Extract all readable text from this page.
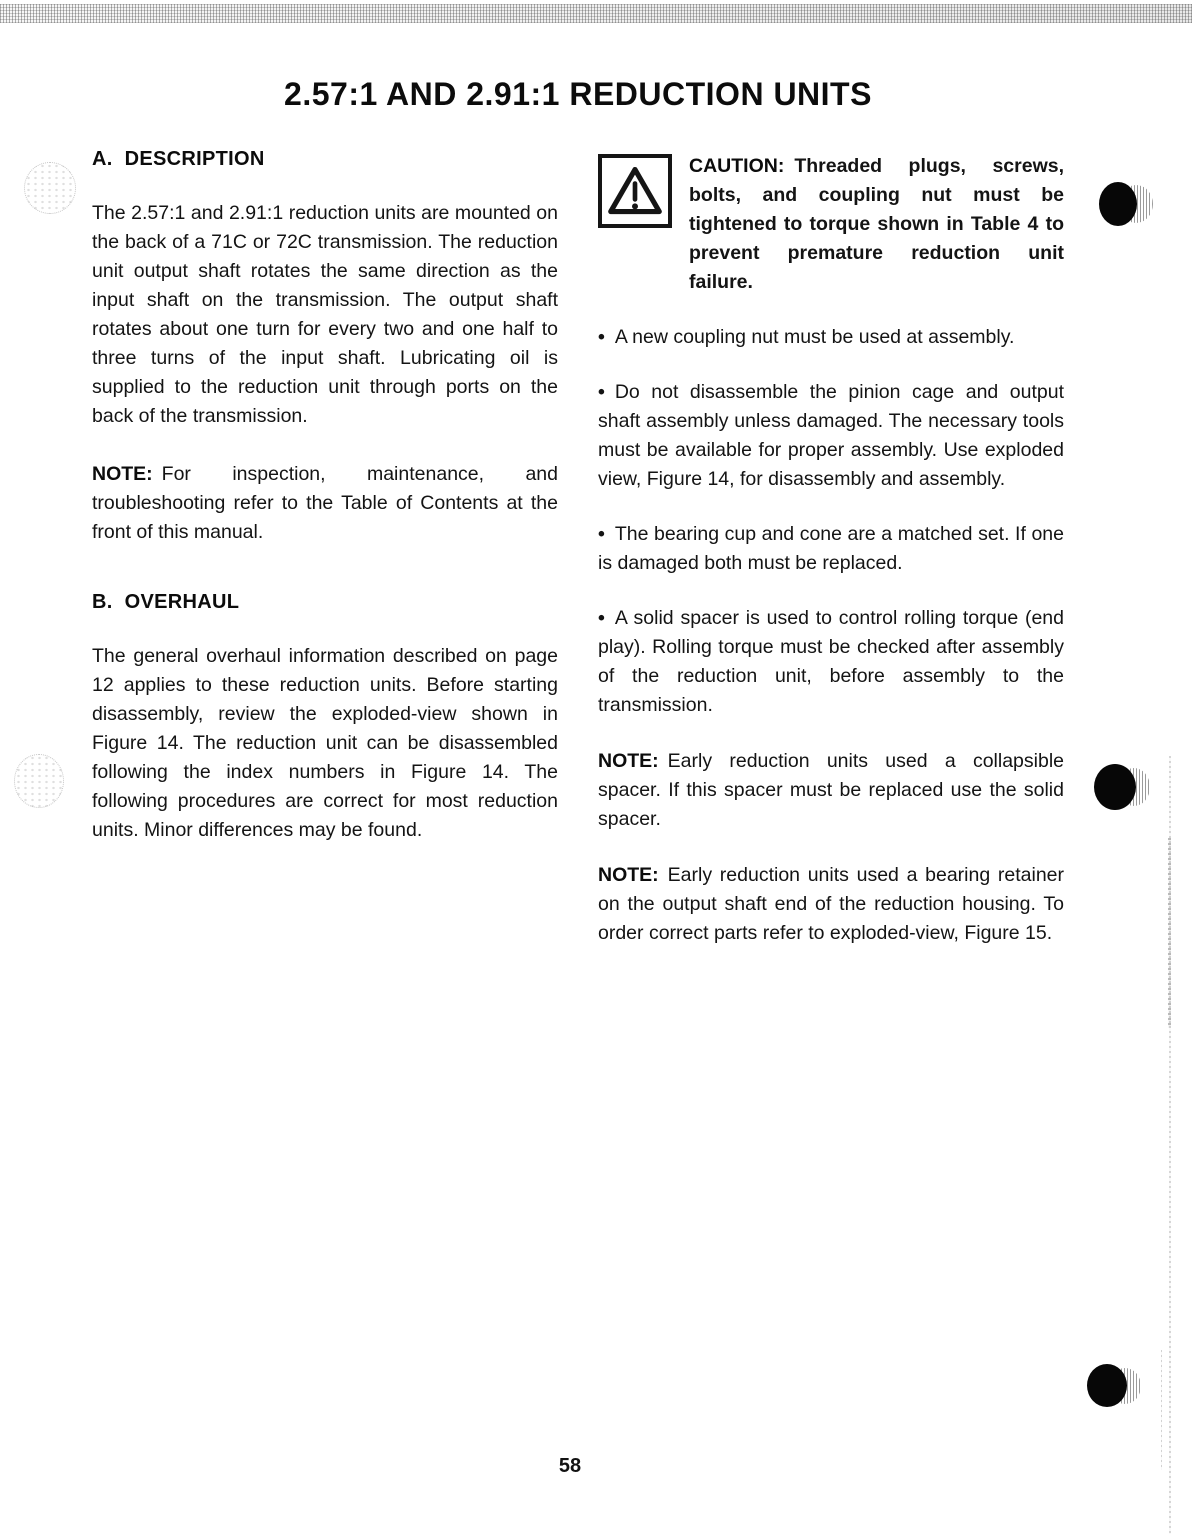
2.57:1 AND 2.91:1 REDUCTION UNITS
A. DESCRIPTION

The 2.57:1 and 2.91:1 reduction units are mounted on the back of a 71C or 72C transmission. The reduction unit output shaft rotates the same direction as the input shaft on the transmission. The output shaft rotates about one turn for every two and one half to three turns of the input shaft. Lubricating oil is supplied to the reduction unit through ports on the back of the transmission.

NOTE: For inspection, maintenance, and troubleshooting refer to the Table of Contents at the front of this manual.

B. OVERHAUL

The general overhaul information described on page 12 applies to these reduction units. Before starting disassembly, review the exploded-view shown in Figure 14. The reduction unit can be disassembled following the index numbers in Figure 14. The following procedures are correct for most reduction units. Minor differences may be found.

CAUTION: Threaded plugs, screws, bolts, and coupling nut must be tightened to torque shown in Table 4 to prevent premature reduction unit failure.

• A new coupling nut must be used at assembly.

• Do not disassemble the pinion cage and output shaft assembly unless damaged. The necessary tools must be available for proper assembly. Use exploded view, Figure 14, for disassembly and assembly.

• The bearing cup and cone are a matched set. If one is damaged both must be replaced.

• A solid spacer is used to control rolling torque (end play). Rolling torque must be checked after assembly of the reduction unit, before assembly to the transmission.

NOTE: Early reduction units used a collapsible spacer. If this spacer must be replaced use the solid spacer.

NOTE: Early reduction units used a bearing retainer on the output shaft end of the reduction housing. To order correct parts refer to exploded-view, Figure 15.

58
